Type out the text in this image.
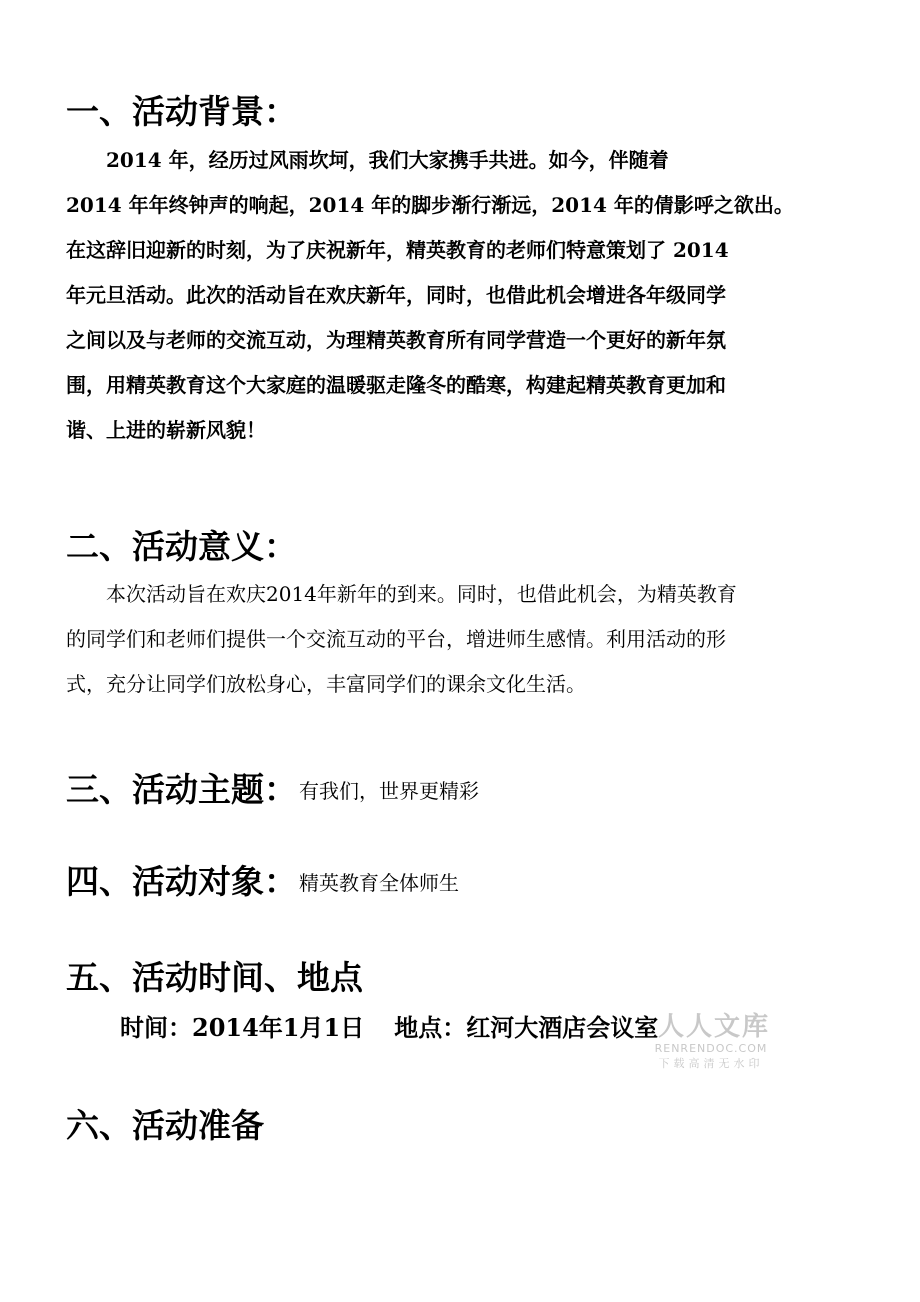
一、活动背景：
　　2014 年，经历过风雨坎坷，我们大家携手共进。如今，伴随着
2014 年年终钟声的响起，2014 年的脚步渐行渐远，2014 年的倩影呼之欲出。
在这辞旧迎新的时刻，为了庆祝新年，精英教育的老师们特意策划了 2014
年元旦活动。此次的活动旨在欢庆新年，同时，也借此机会增进各年级同学
之间以及与老师的交流互动，为理精英教育所有同学营造一个更好的新年氛
围，用精英教育这个大家庭的温暖驱走隆冬的酷寒，构建起精英教育更加和
谐、上进的崭新风貌！
二、活动意义：
　　本次活动旨在欢庆2014年新年的到来。同时，也借此机会，为精英教育
的同学们和老师们提供一个交流互动的平台，增进师生感情。利用活动的形
式，充分让同学们放松身心，丰富同学们的课余文化生活。
三、活动主题： 有我们，世界更精彩
四、活动对象： 精英教育全体师生
五、活动时间、地点
时间：2014年1月1日 地点：红河大酒店会议室 人人文库
RENRENDOC.COM
下载高清无水印
六、活动准备
